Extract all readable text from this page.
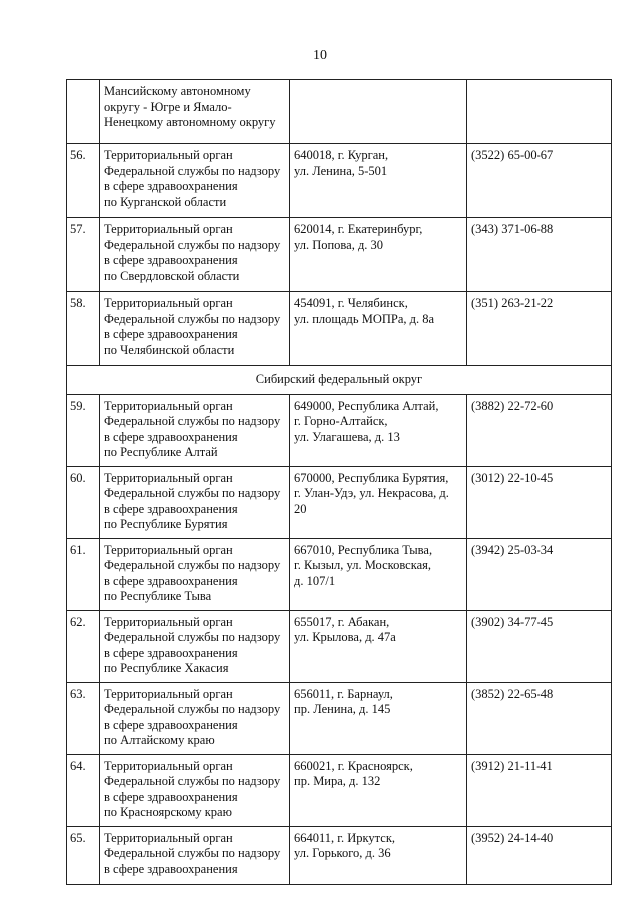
10

	Мансийскому автономному
округу - Югре и Ямало-
Ненецкому автономному округу		

56.	Территориальный орган
Федеральной службы по надзору
в сфере здравоохранения
по Курганской области	640018, г. Курган,
ул. Ленина, 5-501	(3522) 65-00-67
57.	Территориальный орган
Федеральной службы по надзору
в сфере здравоохранения
по Свердловской области	620014, г. Екатеринбург,
ул. Попова, д. 30	(343) 371-06-88
58.	Территориальный орган
Федеральной службы по надзору
в сфере здравоохранения
по Челябинской области	454091, г. Челябинск,
ул. площадь МОПРа, д. 8а	(351) 263-21-22
Сибирский федеральный округ			
59.	Территориальный орган
Федеральной службы по надзору
в сфере здравоохранения
по Республике Алтай	649000, Республика Алтай,
г. Горно-Алтайск,
ул. Улагашева, д. 13	(3882) 22-72-60
60.	Территориальный орган
Федеральной службы по надзору
в сфере здравоохранения
по Республике Бурятия	670000, Республика Бурятия,
г. Улан-Удэ, ул. Некрасова, д.
20	(3012) 22-10-45
61.	Территориальный орган
Федеральной службы по надзору
в сфере здравоохранения
по Республике Тыва	667010, Республика Тыва,
г. Кызыл, ул. Московская,
д. 107/1	(3942) 25-03-34
62.	Территориальный орган
Федеральной службы по надзору
в сфере здравоохранения
по Республике Хакасия	655017, г. Абакан,
ул. Крылова, д. 47а	(3902) 34-77-45
63.	Территориальный орган
Федеральной службы по надзору
в сфере здравоохранения
по Алтайскому краю	656011, г. Барнаул,
пр. Ленина, д. 145	(3852) 22-65-48
64.	Территориальный орган
Федеральной службы по надзору
в сфере здравоохранения
по Красноярскому краю	660021, г. Красноярск,
пр. Мира, д. 132	(3912) 21-11-41
65.	Территориальный орган
Федеральной службы по надзору
в сфере здравоохранения	664011, г. Иркутск,
ул. Горького, д. 36	(3952) 24-14-40
